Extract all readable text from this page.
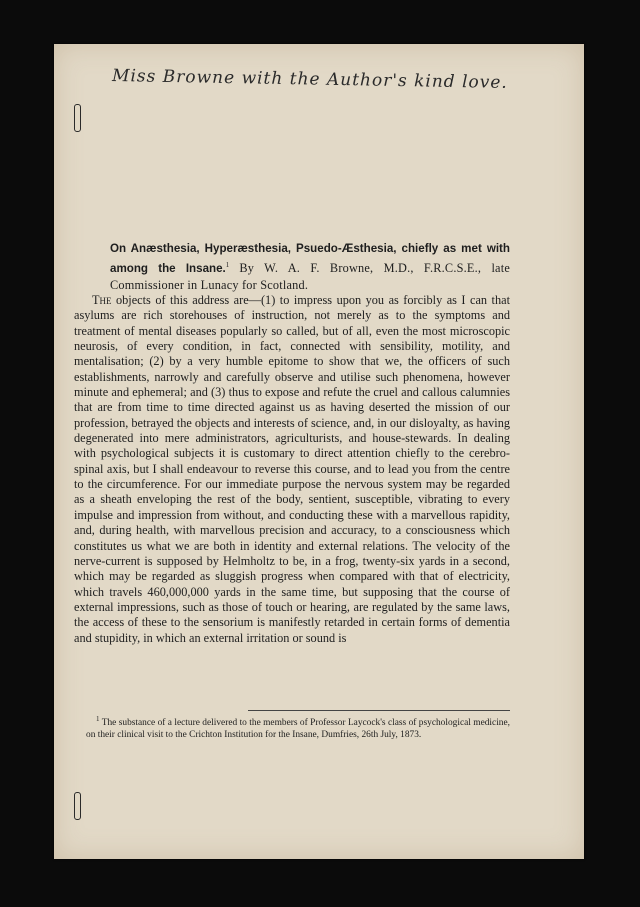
Miss Browne with the Author's kind love.
On Anæsthesia, Hyperæsthesia, Psuedo-Æsthesia, chiefly as met with among the Insane.$^1$ By W. A. F. Browne, M.D., F.R.C.S.E., late Commissioner in Lunacy for Scotland.

The objects of this address are—(1) to impress upon you as forcibly as I can that asylums are rich storehouses of instruction, not merely as to the symptoms and treatment of mental diseases popularly so called, but of all, even the most microscopic neurosis, of every condition, in fact, connected with sensibility, motility, and mentalisation; (2) by a very humble epitome to show that we, the officers of such establishments, narrowly and carefully observe and utilise such phenomena, however minute and ephemeral; and (3) thus to expose and refute the cruel and callous calumnies that are from time to time directed against us as having deserted the mission of our profession, betrayed the objects and interests of science, and, in our disloyalty, as having degenerated into mere administrators, agriculturists, and house-stewards. In dealing with psychological subjects it is customary to direct attention chiefly to the cerebro-spinal axis, but I shall endeavour to reverse this course, and to lead you from the centre to the circumference. For our immediate purpose the nervous system may be regarded as a sheath enveloping the rest of the body, sentient, susceptible, vibrating to every impulse and impression from without, and conducting these with a marvellous rapidity, and, during health, with marvellous precision and accuracy, to a consciousness which constitutes us what we are both in identity and external relations. The velocity of the nerve-current is supposed by Helmholtz to be, in a frog, twenty-six yards in a second, which may be regarded as sluggish progress when compared with that of electricity, which travels 460,000,000 yards in the same time, but supposing that the course of external impressions, such as those of touch or hearing, are regulated by the same laws, the access of these to the sensorium is manifestly retarded in certain forms of dementia and stupidity, in which an external irritation or sound is

$^1$ The substance of a lecture delivered to the members of Professor Laycock's class of psychological medicine, on their clinical visit to the Crichton Institution for the Insane, Dumfries, 26th July, 1873.
